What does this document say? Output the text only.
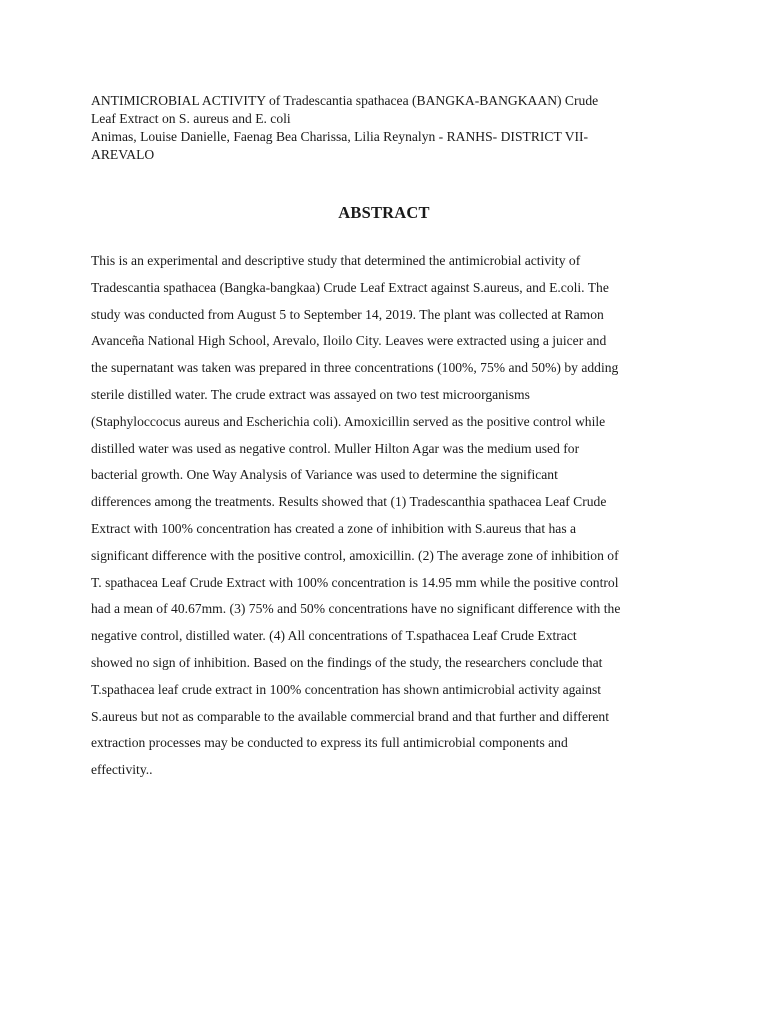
ANTIMICROBIAL ACTIVITY of Tradescantia spathacea (BANGKA-BANGKAAN) Crude

Leaf Extract on S. aureus and E. coli

Animas, Louise Danielle, Faenag Bea Charissa, Lilia Reynalyn - RANHS- DISTRICT VII-

AREVALO

ABSTRACT
This is an experimental and descriptive study that determined the antimicrobial activity of
Tradescantia spathacea (Bangka-bangkaa) Crude Leaf Extract against S.aureus, and E.coli. The
study was conducted from August 5 to September 14, 2019. The plant was collected at Ramon
Avanceña National High School, Arevalo, Iloilo City. Leaves were extracted using a juicer and
the supernatant was taken was prepared in three concentrations (100%, 75% and 50%) by adding
sterile distilled water. The crude extract was assayed on two test microorganisms
(Staphyloccocus aureus and Escherichia coli). Amoxicillin served as the positive control while
distilled water was used as negative control. Muller Hilton Agar was the medium used for
bacterial growth. One Way Analysis of Variance was used to determine the significant
differences among the treatments. Results showed that (1) Tradescanthia spathacea Leaf Crude
Extract with 100% concentration has created a zone of inhibition with S.aureus that has a
significant difference with the positive control, amoxicillin. (2) The average zone of inhibition of
T. spathacea Leaf Crude Extract with 100% concentration is 14.95 mm while the positive control
had a mean of 40.67mm. (3) 75% and 50% concentrations have no significant difference with the
negative control, distilled water. (4) All concentrations of T.spathacea Leaf Crude Extract
showed no sign of inhibition. Based on the findings of the study, the researchers conclude that
T.spathacea leaf crude extract in 100% concentration has shown antimicrobial activity against
S.aureus but not as comparable to the available commercial brand and that further and different
extraction processes may be conducted to express its full antimicrobial components and
effectivity..
